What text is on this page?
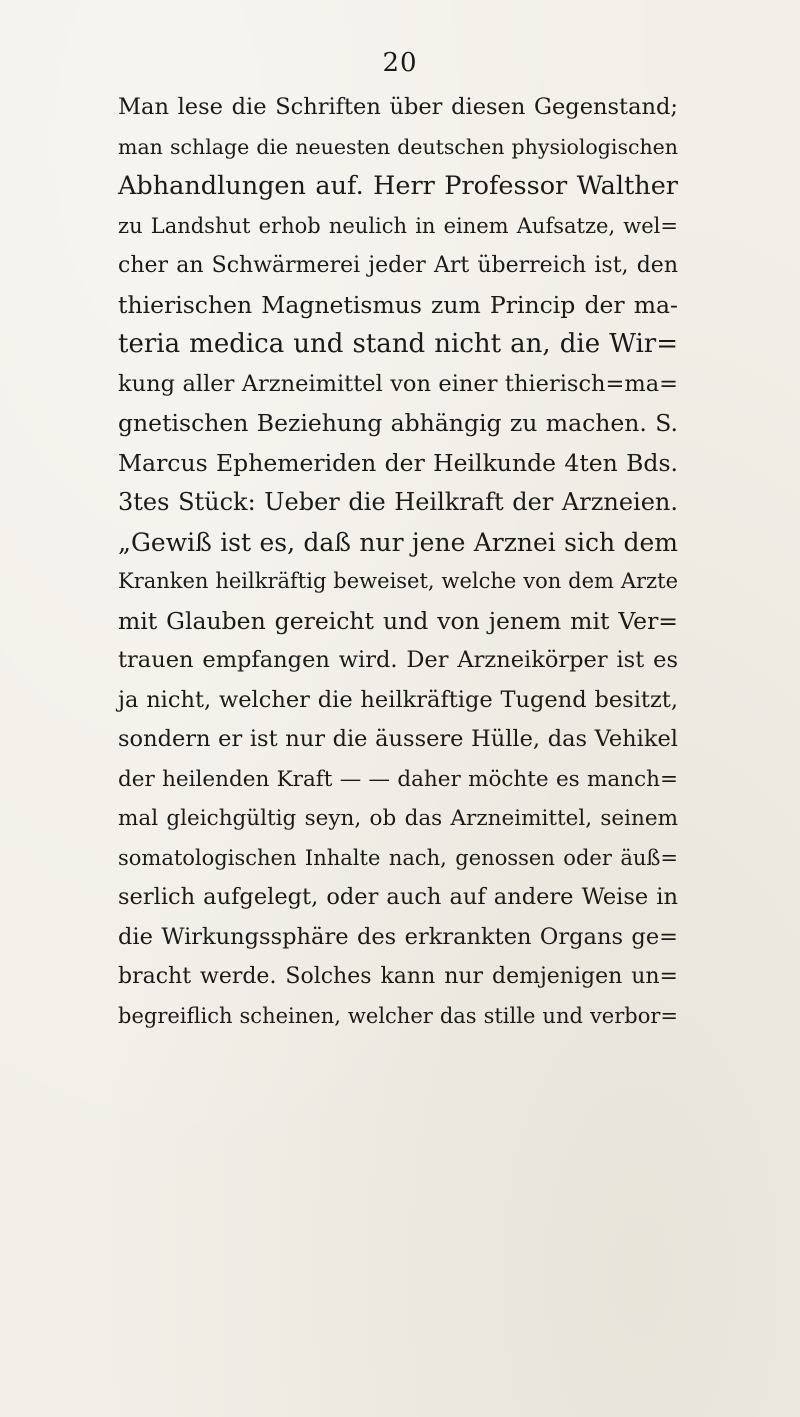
20
Man lese die Schriften über diesen Gegenstand;
man schlage die neuesten deutschen physiologischen
Abhandlungen auf. Herr Professor Walther
zu Landshut erhob neulich in einem Aufsatze, wel=
cher an Schwärmerei jeder Art überreich ist, den
thierischen Magnetismus zum Princip der ma-
teria medica und stand nicht an, die Wir=
kung aller Arzneimittel von einer thierisch=ma=
gnetischen Beziehung abhängig zu machen. S.
Marcus Ephemeriden der Heilkunde 4ten Bds.
3tes Stück: Ueber die Heilkraft der Arzneien.
„Gewiß ist es, daß nur jene Arznei sich dem
Kranken heilkräftig beweiset, welche von dem Arzte
mit Glauben gereicht und von jenem mit Ver=
trauen empfangen wird. Der Arzneikörper ist es
ja nicht, welcher die heilkräftige Tugend besitzt,
sondern er ist nur die äussere Hülle, das Vehikel
der heilenden Kraft — — daher möchte es manch=
mal gleichgültig seyn, ob das Arzneimittel, seinem
somatologischen Inhalte nach, genossen oder äuß=
serlich aufgelegt, oder auch auf andere Weise in
die Wirkungssphäre des erkrankten Organs ge=
bracht werde. Solches kann nur demjenigen un=
begreiflich scheinen, welcher das stille und verbor=
